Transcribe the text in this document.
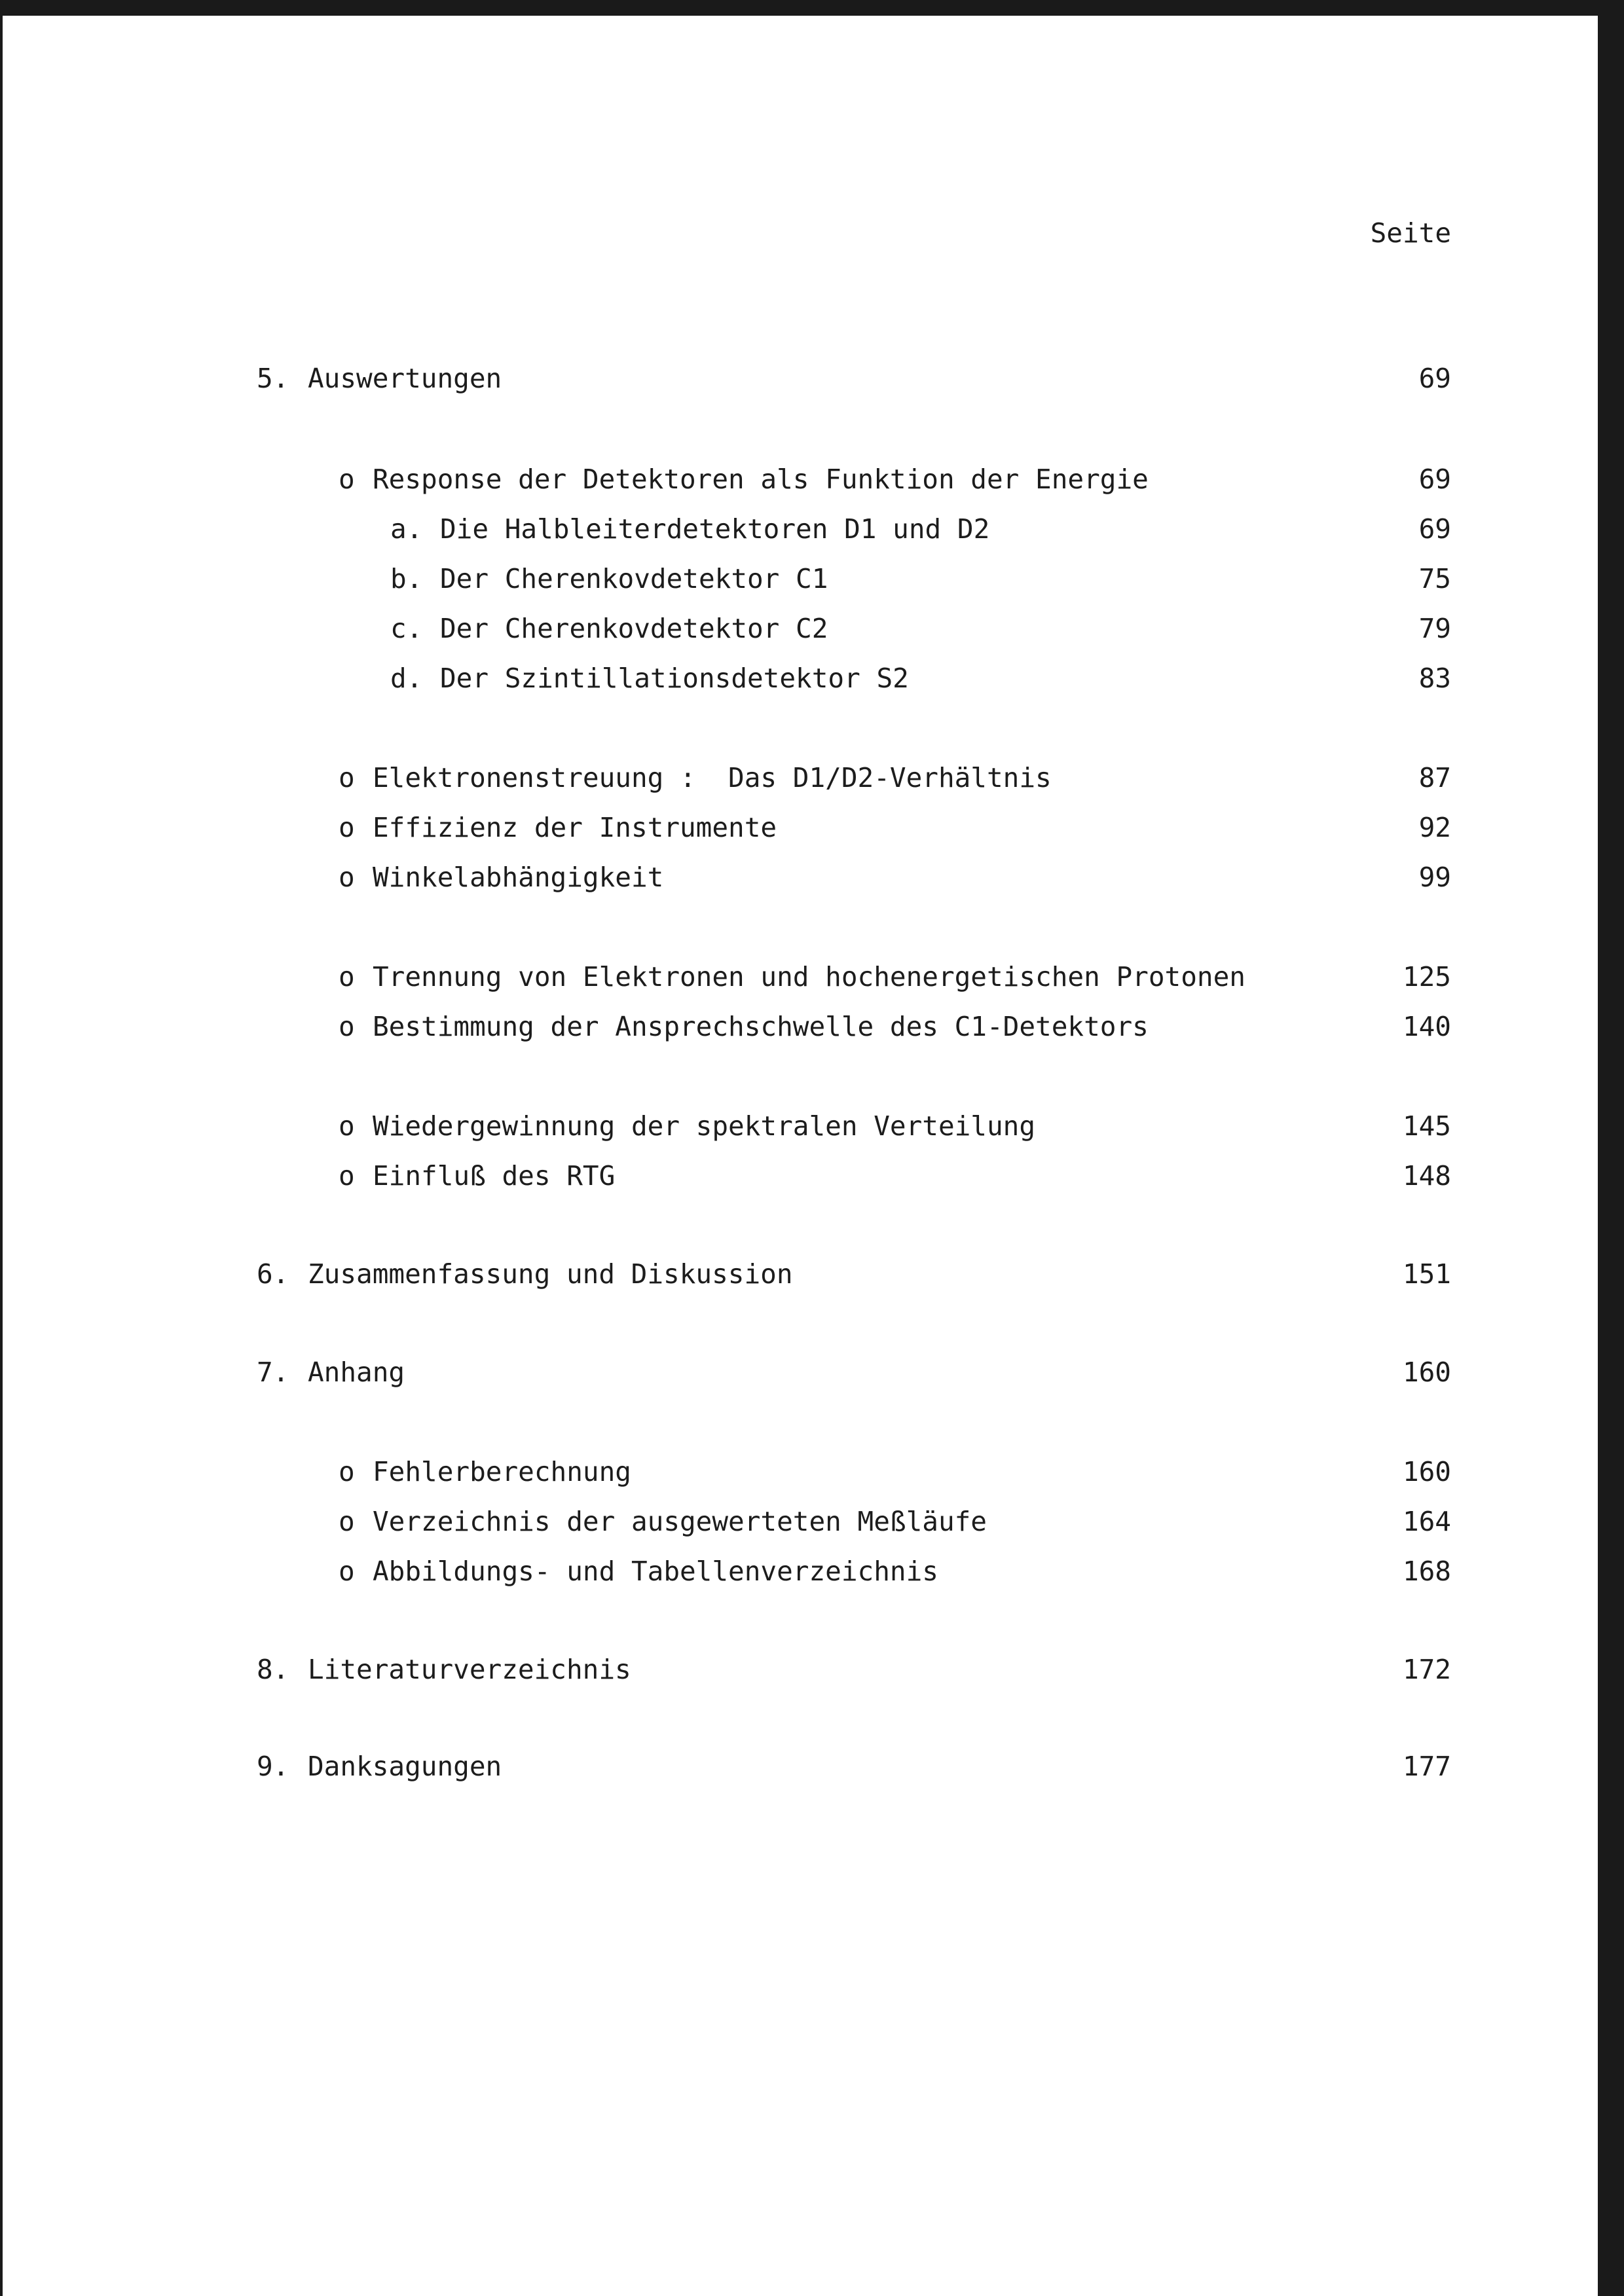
Seite
5. Auswertungen	69
o Response der Detektoren als Funktion der Energie	69
a. Die Halbleiterdetektoren D1 und D2	69
b. Der Cherenkovdetektor C1	75
c. Der Cherenkovdetektor C2	79
d. Der Szintillationsdetektor S2	83
o Elektronenstreuung :  Das D1/D2-Verhältnis	87
o Effizienz der Instrumente	92
o Winkelabhängigkeit	99
o Trennung von Elektronen und hochenergetischen Protonen	125
o Bestimmung der Ansprechschwelle des C1-Detektors	140
o Wiedergewinnung der spektralen Verteilung	145
o Einfluß des RTG	148
6. Zusammenfassung und Diskussion	151
7. Anhang	160
o Fehlerberechnung	160
o Verzeichnis der ausgewerteten Meßläufe	164
o Abbildungs- und Tabellenverzeichnis	168
8. Literaturverzeichnis	172
9. Danksagungen	177
